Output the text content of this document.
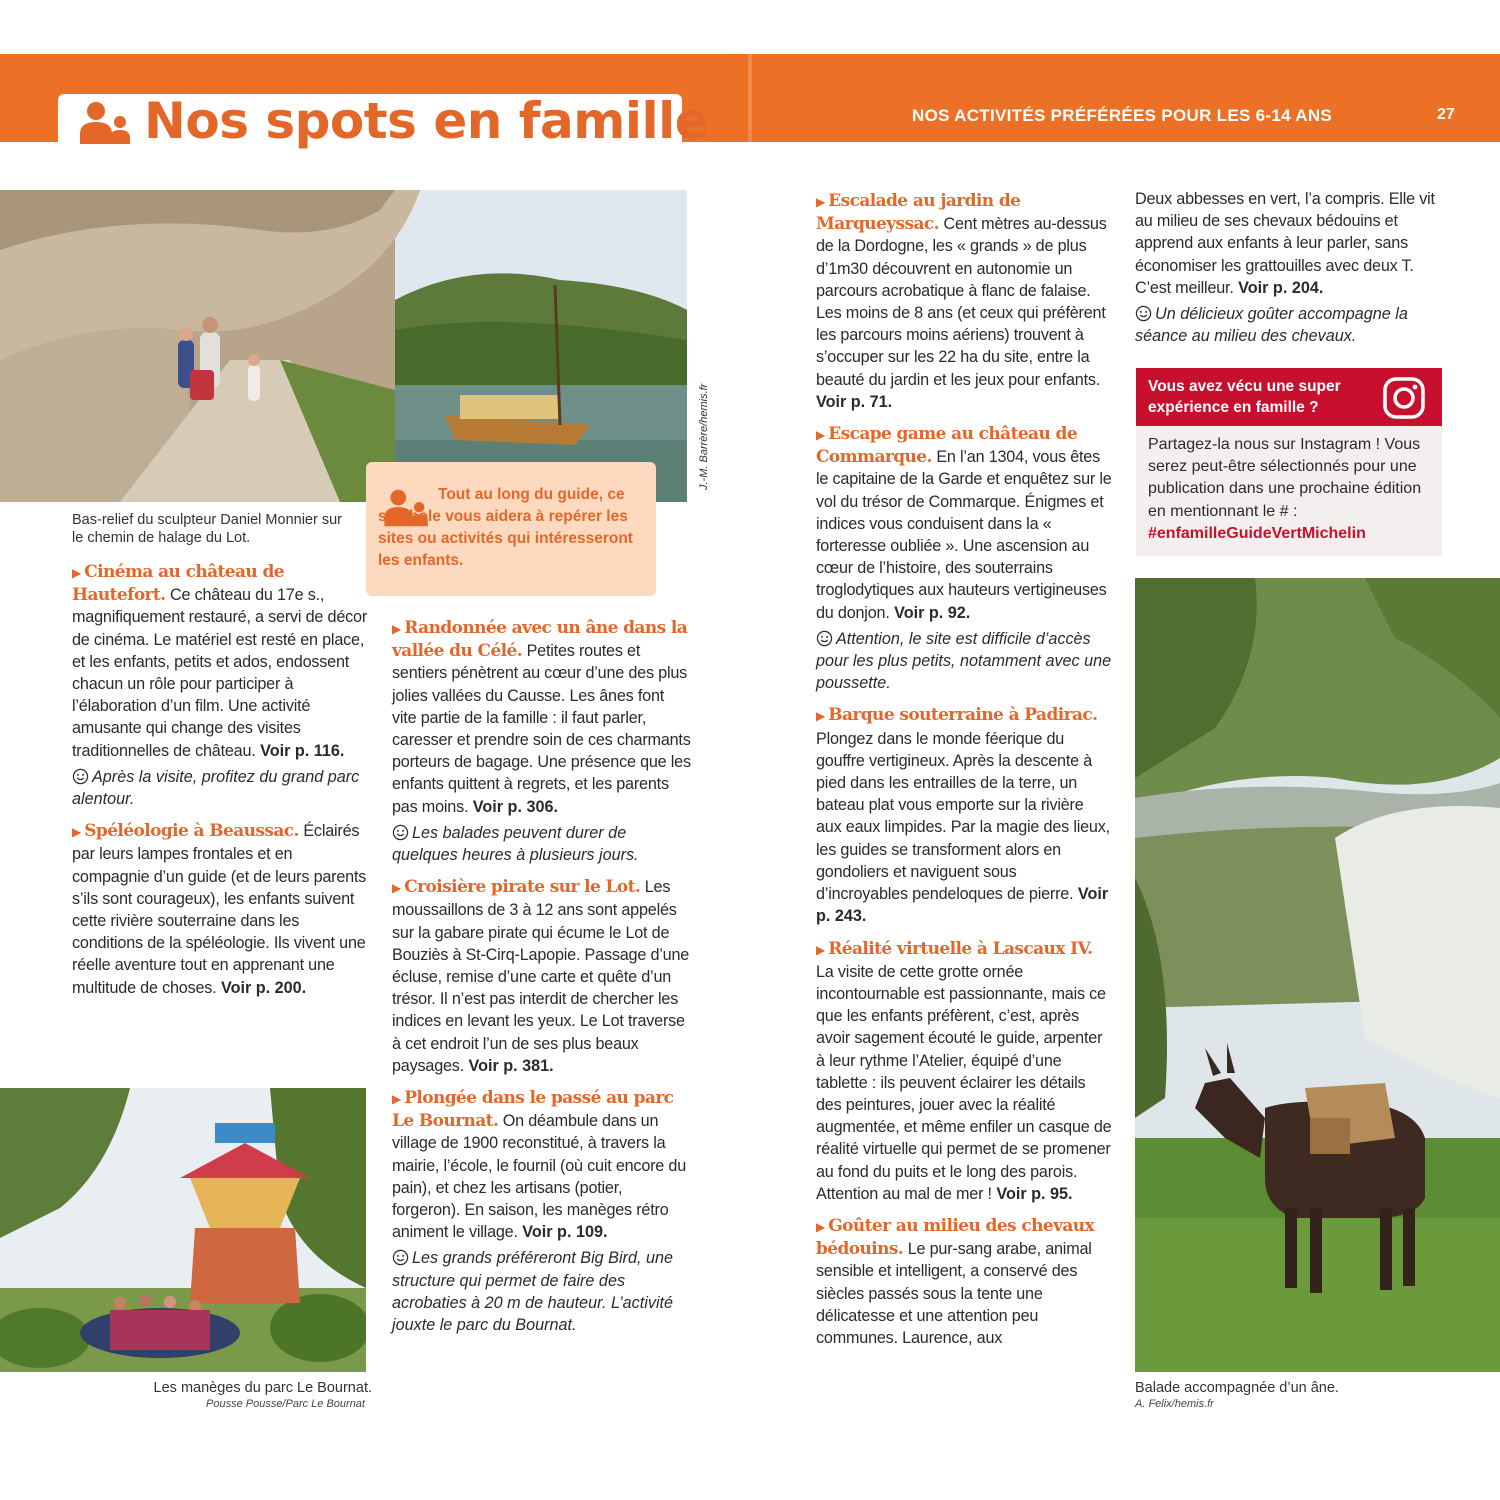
Nos spots en famille	NOS ACTIVITÉS PRÉFÉRÉES POUR LES 6-14 ANS	27
J.-M. Barrère/hemis.fr
Bas-relief du sculpteur Daniel Monnier sur le chemin de halage du Lot.
Tout au long du guide, ce symbole vous aidera à repérer les sites ou activités qui intéresseront les enfants.
▶ Cinéma au château de Hautefort. Ce château du 17e s., magnifiquement restauré, a servi de décor de cinéma. Le matériel est resté en place, et les enfants, petits et ados, endossent chacun un rôle pour participer à l’élaboration d’un film. Une activité amusante qui change des visites traditionnelles de château. Voir p. 116.
Après la visite, profitez du grand parc alentour.
▶ Spéléologie à Beaussac. Éclairés par leurs lampes frontales et en compagnie d’un guide (et de leurs parents s’ils sont courageux), les enfants suivent cette rivière souterraine dans les conditions de la spéléologie. Ils vivent une réelle aventure tout en apprenant une multitude de choses. Voir p. 200.
Les manèges du parc Le Bournat.
Pousse Pousse/Parc Le Bournat
▶ Randonnée avec un âne dans la vallée du Célé. Petites routes et sentiers pénètrent au cœur d’une des plus jolies vallées du Causse. Les ânes font vite partie de la famille : il faut parler, caresser et prendre soin de ces charmants porteurs de bagage. Une présence que les enfants quittent à regrets, et les parents pas moins. Voir p. 306.
Les balades peuvent durer de quelques heures à plusieurs jours.
▶ Croisière pirate sur le Lot. Les moussaillons de 3 à 12 ans sont appelés sur la gabare pirate qui écume le Lot de Bouziès à St-Cirq-Lapopie. Passage d’une écluse, remise d’une carte et quête d’un trésor. Il n’est pas interdit de chercher les indices en levant les yeux. Le Lot traverse à cet endroit l’un de ses plus beaux paysages. Voir p. 381.
▶ Plongée dans le passé au parc Le Bournat. On déambule dans un village de 1900 reconstitué, à travers la mairie, l’école, le fournil (où cuit encore du pain), et chez les artisans (potier, forgeron). En saison, les manèges rétro animent le village. Voir p. 109.
Les grands préféreront Big Bird, une structure qui permet de faire des acrobaties à 20 m de hauteur. L’activité jouxte le parc du Bournat.
▶ Escalade au jardin de Marqueyssac. Cent mètres au-dessus de la Dordogne, les « grands » de plus d’1m30 découvrent en autonomie un parcours acrobatique à flanc de falaise. Les moins de 8 ans (et ceux qui préfèrent les parcours moins aériens) trouvent à s’occuper sur les 22 ha du site, entre la beauté du jardin et les jeux pour enfants. Voir p. 71.
▶ Escape game au château de Commarque. En l’an 1304, vous êtes le capitaine de la Garde et enquêtez sur le vol du trésor de Commarque. Énigmes et indices vous conduisent dans la « forteresse oubliée ». Une ascension au cœur de l’histoire, des souterrains troglodytiques aux hauteurs vertigineuses du donjon. Voir p. 92.
Attention, le site est difficile d’accès pour les plus petits, notamment avec une poussette.
▶ Barque souterraine à Padirac. Plongez dans le monde féerique du gouffre vertigineux. Après la descente à pied dans les entrailles de la terre, un bateau plat vous emporte sur la rivière aux eaux limpides. Par la magie des lieux, les guides se transforment alors en gondoliers et naviguent sous d’incroyables pendeloques de pierre. Voir p. 243.
▶ Réalité virtuelle à Lascaux IV. La visite de cette grotte ornée incontournable est passionnante, mais ce que les enfants préfèrent, c’est, après avoir sagement écouté le guide, arpenter à leur rythme l’Atelier, équipé d’une tablette : ils peuvent éclairer les détails des peintures, jouer avec la réalité augmentée, et même enfiler un casque de réalité virtuelle qui permet de se promener au fond du puits et le long des parois. Attention au mal de mer ! Voir p. 95.
▶ Goûter au milieu des chevaux bédouins. Le pur-sang arabe, animal sensible et intelligent, a conservé des siècles passés sous la tente une délicatesse et une attention peu communes. Laurence, aux
Deux abbesses en vert, l’a compris. Elle vit au milieu de ses chevaux bédouins et apprend aux enfants à leur parler, sans économiser les grattouilles avec deux T. C’est meilleur. Voir p. 204.
Un délicieux goûter accompagne la séance au milieu des chevaux.
Vous avez vécu une super expérience en famille ?
Partagez-la nous sur Instagram ! Vous serez peut-être sélectionnés pour une publication dans une prochaine édition en mentionnant le # : #enfamilleGuideVertMichelin
Balade accompagnée d’un âne.
A. Felix/hemis.fr
